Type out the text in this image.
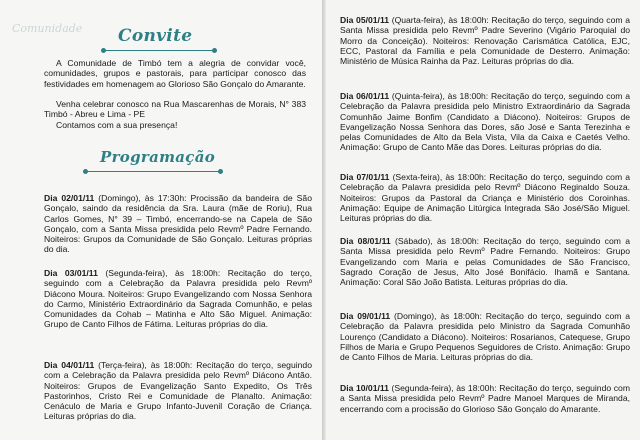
Comunidade Convite
A Comunidade de Timbó tem a alegria de convidar você, comunidades, grupos e pastorais, para participar conosco das festividades em homenagem ao Glorioso São Gonçalo do Amarante.
Venha celebrar conosco na Rua Mascarenhas de Morais, N° 383 Timbó - Abreu e Lima - PE
Contamos com a sua presença!
Programação
Dia 02/01/11 (Domingo), às 17:30h: Procissão da bandeira de São Gonçalo, saindo da residência da Sra. Laura (mãe de Roriu), Rua Carlos Gomes, N° 39 – Timbó, encerrando-se na Capela de São Gonçalo, com a Santa Missa presidida pelo Revmº Padre Fernando. Noiteiros: Grupos da Comunidade de São Gonçalo. Leituras próprias do dia.
Dia 03/01/11 (Segunda-feira), às 18:00h: Recitação do terço, seguindo com a Celebração da Palavra presidida pelo Revmº Diácono Moura. Noiteiros: Grupo Evangelizando com Nossa Senhora do Carmo, Ministério Extraordinário da Sagrada Comunhão, e pelas Comunidades da Cohab – Matinha e Alto São Miguel. Animação: Grupo de Canto Filhos de Fátima. Leituras próprias do dia.
Dia 04/01/11 (Terça-feira), às 18:00h: Recitação do terço, seguindo com a Celebração da Palavra presidida pelo Revmº Diácono Antão. Noiteiros: Grupos de Evangelização Santo Expedito, Os Três Pastorinhos, Cristo Rei e Comunidade de Planalto. Animação: Cenáculo de Maria e Grupo Infanto-Juvenil Coração de Criança. Leituras próprias do dia.
Dia 05/01/11 (Quarta-feira), às 18:00h: Recitação do terço, seguindo com a Santa Missa presidida pelo Revmº Padre Severino (Vigário Paroquial do Morro da Conceição). Noiteiros: Renovação Carismática Católica, EJC, ECC, Pastoral da Família e pela Comunidade de Desterro. Animação: Ministério de Música Rainha da Paz. Leituras próprias do dia.
Dia 06/01/11 (Quinta-feira), às 18:00h: Recitação do terço, seguindo com a Celebração da Palavra presidida pelo Ministro Extraordinário da Sagrada Comunhão Jaime Bonfim (Candidato a Diácono). Noiteiros: Grupos de Evangelização Nossa Senhora das Dores, são José e Santa Terezinha e pelas Comunidades de Alto da Bela Vista, Vila da Caixa e Caetés Velho. Animação: Grupo de Canto Mãe das Dores. Leituras próprias do dia.
Dia 07/01/11 (Sexta-feira), às 18:00h: Recitação do terço, seguindo com a Celebração da Palavra presidida pelo Revmº Diácono Reginaldo Souza. Noiteiros: Grupos da Pastoral da Criança e Ministério dos Coroinhas. Animação: Equipe de Animação Litúrgica Integrada São José/São Miguel. Leituras próprias do dia.
Dia 08/01/11 (Sábado), às 18:00h: Recitação do terço, seguindo com a Santa Missa presidida pelo Revmº Padre Fernando. Noiteiros: Grupo Evangelizando com Maria e pelas Comunidades de São Francisco, Sagrado Coração de Jesus, Alto José Bonifácio. Ihamã e Santana. Animação: Coral São João Batista. Leituras próprias do dia.
Dia 09/01/11 (Domingo), às 18:00h: Recitação do terço, seguindo com a Celebração da Palavra presidida pelo Ministro da Sagrada Comunhão Lourenço (Candidato a Diácono). Noiteiros: Rosarianos, Catequese, Grupo Filhos de Maria e Grupo Pequenos Seguidores de Cristo. Animação: Grupo de Canto Filhos de Maria. Leituras próprias do dia.
Dia 10/01/11 (Segunda-feira), às 18:00h: Recitação do terço, seguindo com a Santa Missa presidida pelo Revmº Padre Manoel Marques de Miranda, encerrando com a procissão do Glorioso São Gonçalo do Amarante.
